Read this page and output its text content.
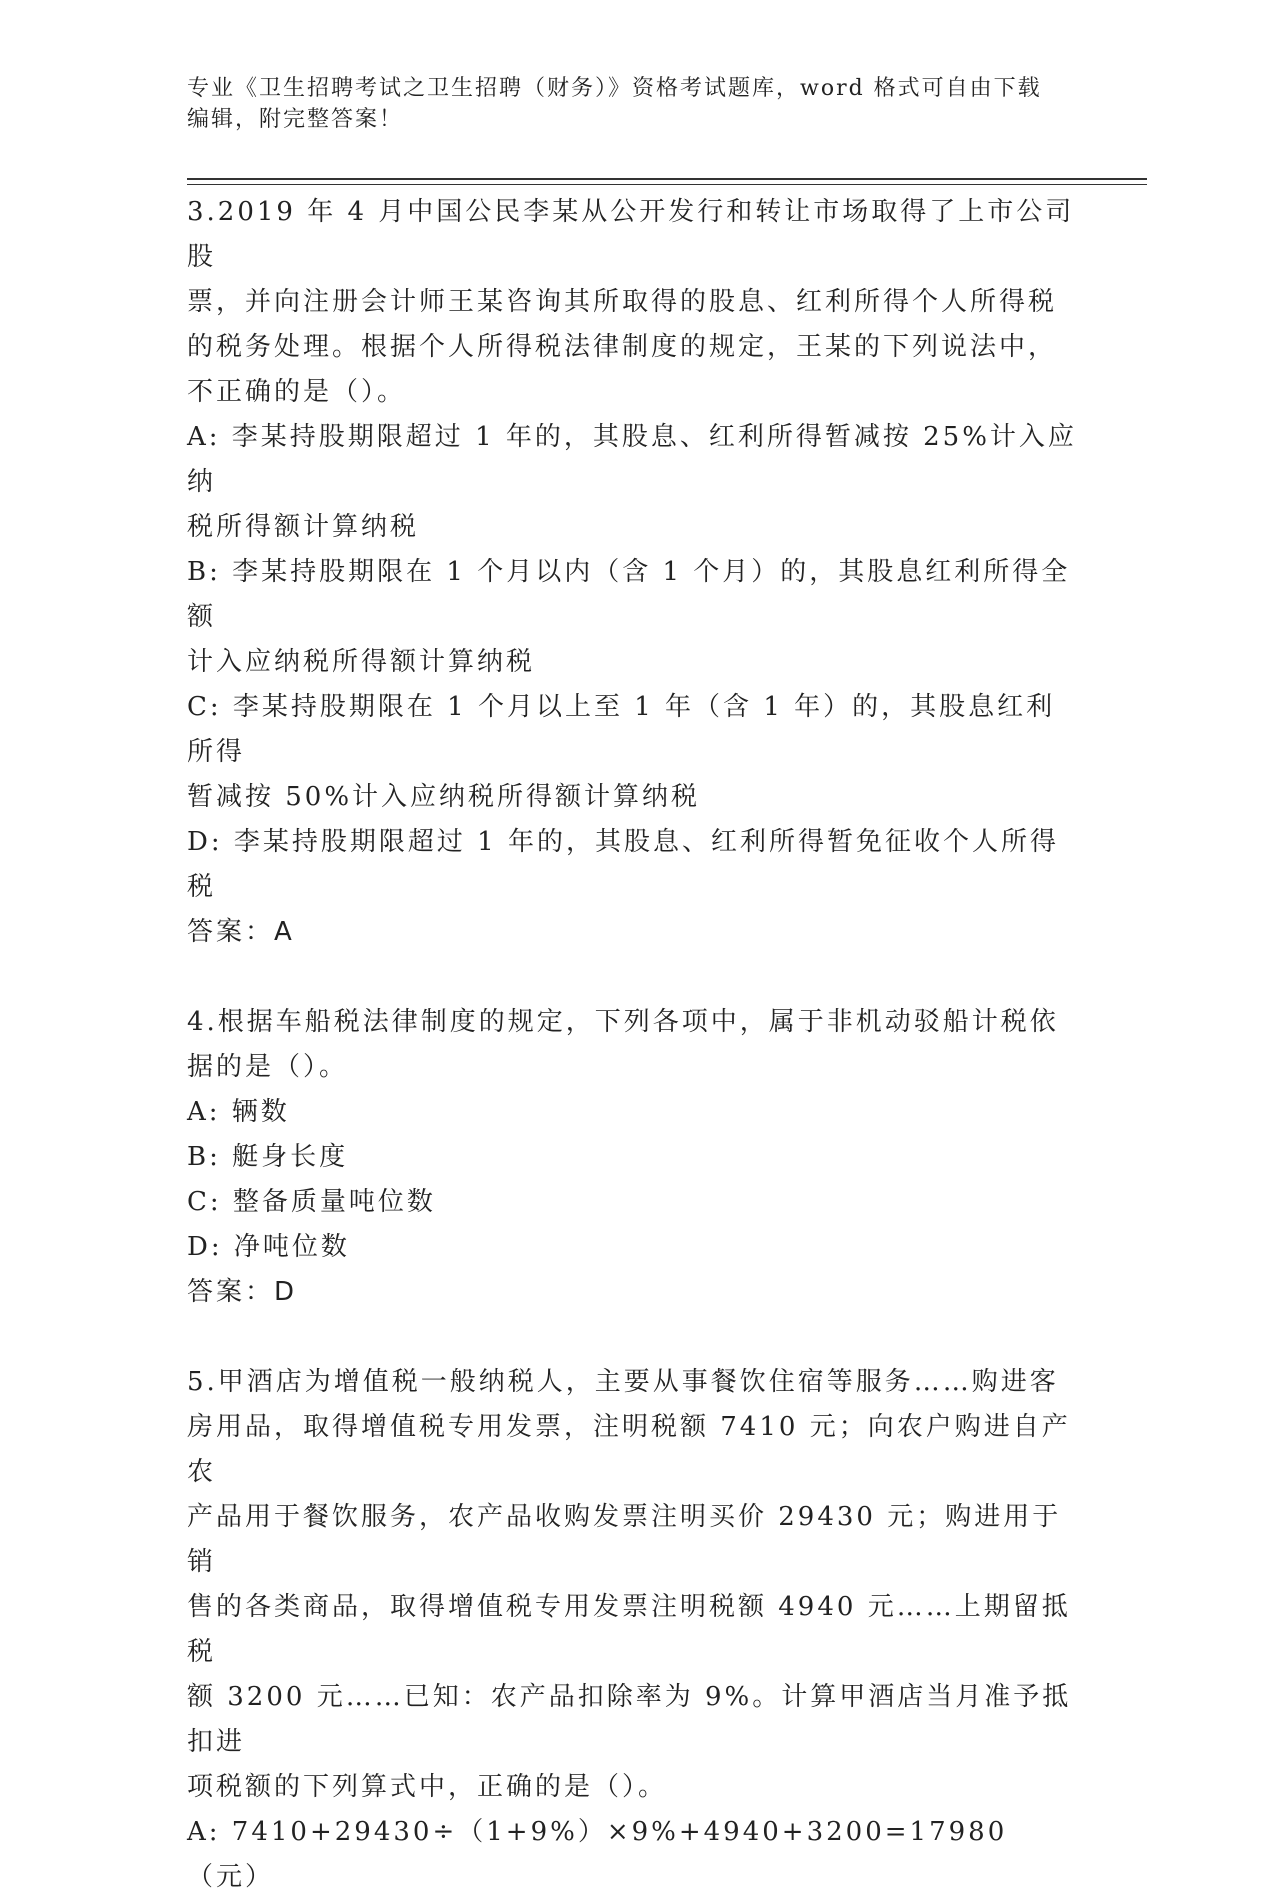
专业《卫生招聘考试之卫生招聘（财务）》资格考试题库，word 格式可自由下载
编辑，附完整答案！

3.2019 年 4 月中国公民李某从公开发行和转让市场取得了上市公司股

票，并向注册会计师王某咨询其所取得的股息、红利所得个人所得税

的税务处理。根据个人所得税法律制度的规定，王某的下列说法中，

不正确的是（）。

A: 李某持股期限超过 1 年的，其股息、红利所得暂减按 25%计入应纳

税所得额计算纳税

B: 李某持股期限在 1 个月以内（含 1 个月）的，其股息红利所得全额

计入应纳税所得额计算纳税

C: 李某持股期限在 1 个月以上至 1 年（含 1 年）的，其股息红利所得

暂减按 50%计入应纳税所得额计算纳税

D: 李某持股期限超过 1 年的，其股息、红利所得暂免征收个人所得税

答案：A

4.根据车船税法律制度的规定，下列各项中，属于非机动驳船计税依

据的是（）。

A: 辆数

B: 艇身长度

C: 整备质量吨位数

D: 净吨位数

答案：D

5.甲酒店为增值税一般纳税人，主要从事餐饮住宿等服务……购进客

房用品，取得增值税专用发票，注明税额 7410 元；向农户购进自产农

产品用于餐饮服务，农产品收购发票注明买价 29430 元；购进用于销

售的各类商品，取得增值税专用发票注明税额 4940 元……上期留抵税

额 3200 元……已知：农产品扣除率为 9%。计算甲酒店当月准予抵扣进

项税额的下列算式中，正确的是（）。

A: 7410+29430÷（1+9%）×9%+4940+3200=17980（元）
